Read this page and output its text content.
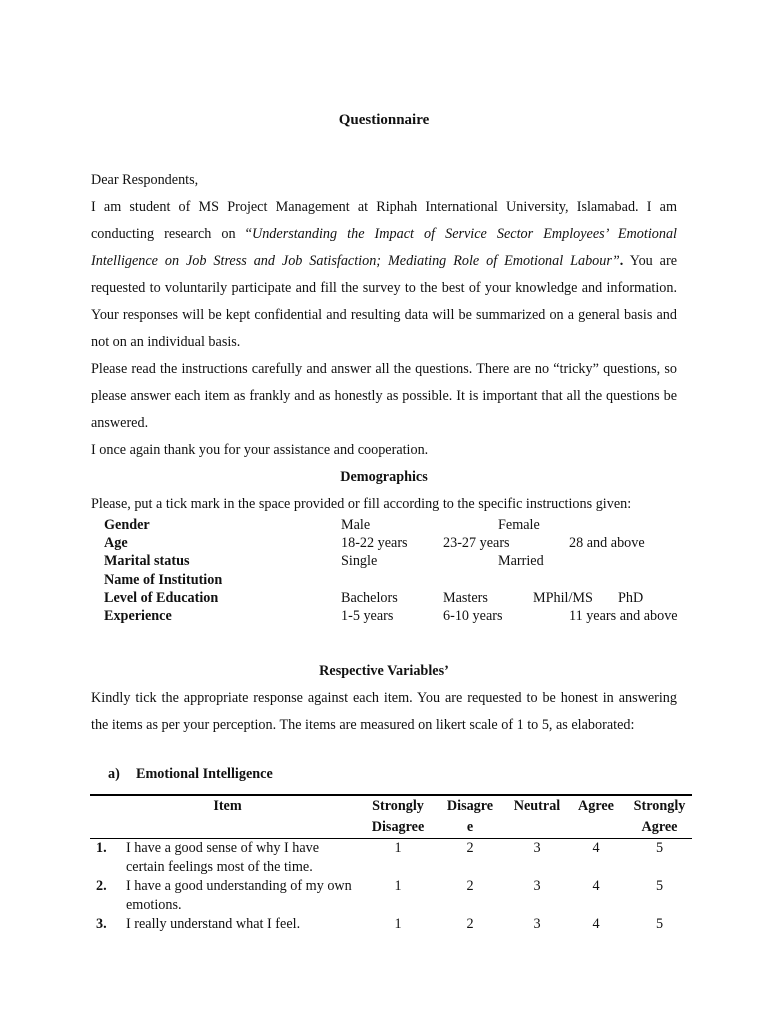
Questionnaire

Dear Respondents,

I am student of MS Project Management at Riphah International University, Islamabad. I am conducting research on “Understanding the Impact of Service Sector Employees’ Emotional Intelligence on Job Stress and Job Satisfaction; Mediating Role of Emotional Labour”. You are requested to voluntarily participate and fill the survey to the best of your knowledge and information. Your responses will be kept confidential and resulting data will be summarized on a general basis and not on an individual basis.

Please read the instructions carefully and answer all the questions. There are no “tricky” questions, so please answer each item as frankly and as honestly as possible. It is important that all the questions be answered.

I once again thank you for your assistance and cooperation.

Demographics

Please, put a tick mark in the space provided or fill according to the specific instructions given:

Gender	Male	Female
Age	18-22 years 23-27 years	28 and above
Marital status	Single	Married
Name of Institution
Level of Education	Bachelors	Masters	MPhil/MS PhD
Experience	1-5 years	6-10 years	11 years and above

Respective Variables’

Kindly tick the appropriate response against each item. You are requested to be honest in answering the items as per your perception. The items are measured on likert scale of 1 to 5, as elaborated:

a) Emotional Intelligence
Item		Strongly Disagree	Disagre e	Neutral	Agree	Strongly Agree
1.	I have a good sense of why I have certain feelings most of the time.	1	2	3	4	5
2.	I have a good understanding of my own emotions.	1	2	3	4	5
3.	I really understand what I feel.	1	2	3	4	5
